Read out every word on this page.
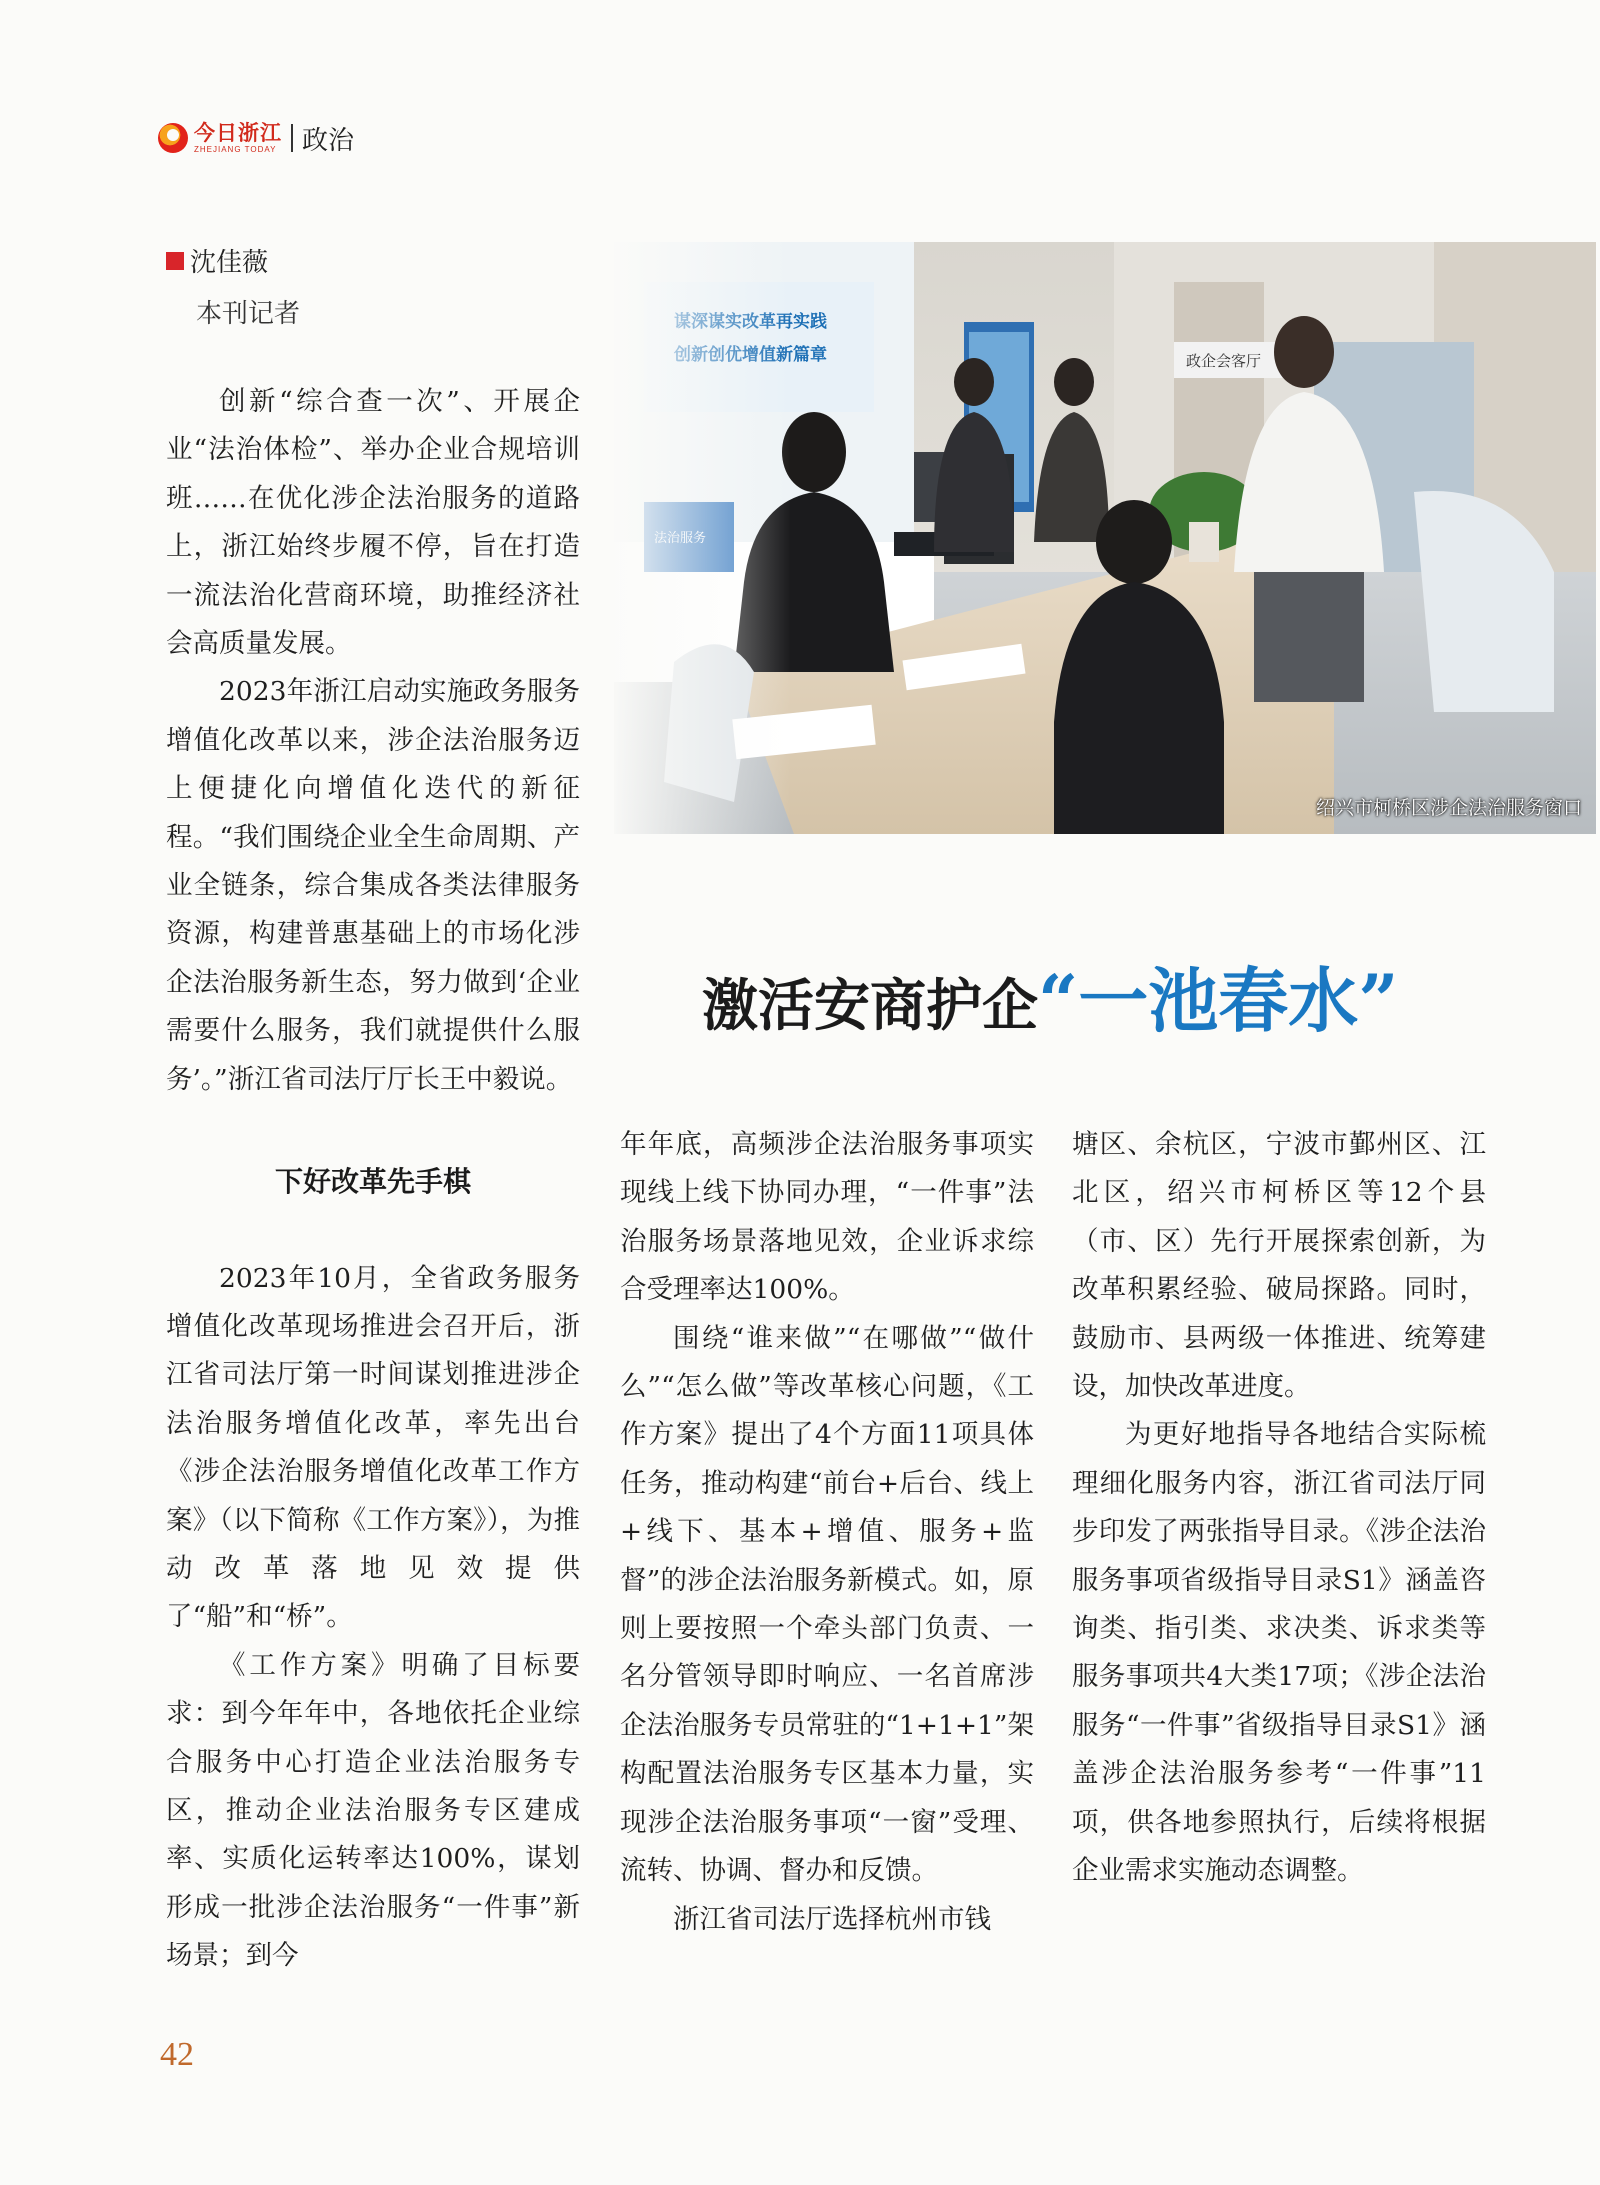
今日浙江
ZHEJIANG TODAY 政治
沈佳薇
本刊记者

创新“综合查一次”、开展企业“法治体检”、举办企业合规培训班……在优化涉企法治服务的道路上，浙江始终步履不停，旨在打造一流法治化营商环境，助推经济社会高质量发展。

2023年浙江启动实施政务服务增值化改革以来，涉企法治服务迈上便捷化向增值化迭代的新征程。“我们围绕企业全生命周期、产业全链条，综合集成各类法律服务资源，构建普惠基础上的市场化涉企法治服务新生态，努力做到‘企业需要什么服务，我们就提供什么服务’。”浙江省司法厅厅长王中毅说。

下好改革先手棋

2023年10月，全省政务服务增值化改革现场推进会召开后，浙江省司法厅第一时间谋划推进涉企法治服务增值化改革，率先出台《涉企法治服务增值化改革工作方案》（以下简称《工作方案》），为推动改革落地见效提供了“船”和“桥”。

《工作方案》明确了目标要求：到今年年中，各地依托企业综合服务中心打造企业法治服务专区，推动企业法治服务专区建成率、实质化运转率达100%，谋划形成一批涉企法治服务“一件事”新场景；到今

绍兴市柯桥区涉企法治服务窗口
激活安商护企“一池春水”

年年底，高频涉企法治服务事项实现线上线下协同办理，“一件事”法治服务场景落地见效，企业诉求综合受理率达100%。

围绕“谁来做”“在哪做”“做什么”“怎么做”等改革核心问题，《工作方案》提出了4个方面11项具体任务，推动构建“前台+后台、线上+线下、基本+增值、服务+监督”的涉企法治服务新模式。如，原则上要按照一个牵头部门负责、一名分管领导即时响应、一名首席涉企法治服务专员常驻的“1+1+1”架构配置法治服务专区基本力量，实现涉企法治服务事项“一窗”受理、流转、协调、督办和反馈。

浙江省司法厅选择杭州市钱

塘区、余杭区，宁波市鄞州区、江北区，绍兴市柯桥区等12个县（市、区）先行开展探索创新，为改革积累经验、破局探路。同时，鼓励市、县两级一体推进、统筹建设，加快改革进度。

为更好地指导各地结合实际梳理细化服务内容，浙江省司法厅同步印发了两张指导目录。《涉企法治服务事项省级指导目录S1》涵盖咨询类、指引类、求决类、诉求类等服务事项共4大类17项；《涉企法治服务“一件事”省级指导目录S1》涵盖涉企法治服务参考“一件事”11项，供各地参照执行，后续将根据企业需求实施动态调整。

42
